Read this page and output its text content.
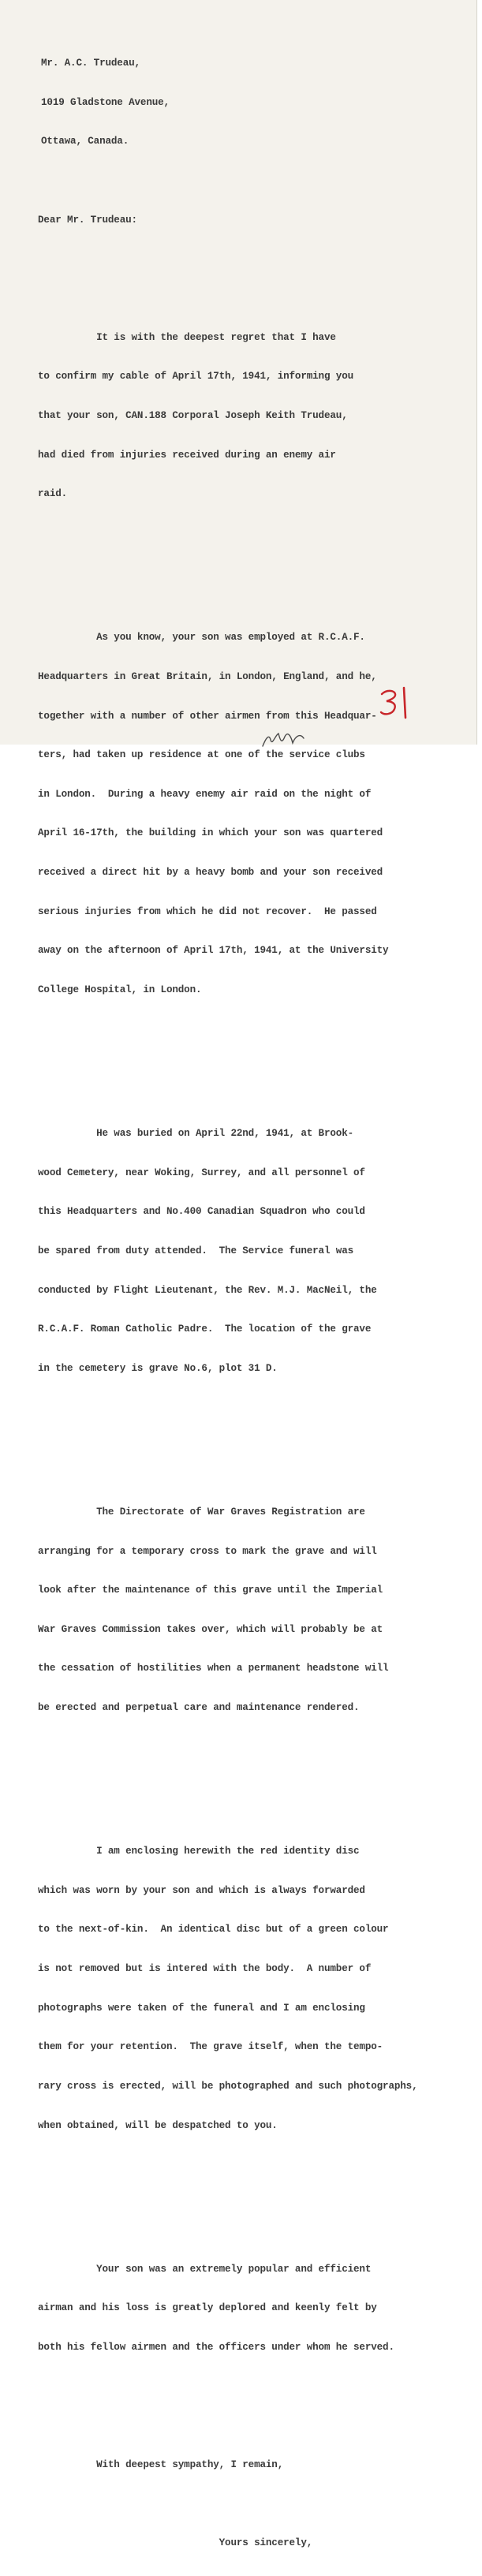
Mr. A.C. Trudeau,

1019 Gladstone Avenue,

Ottawa, Canada.

Dear Mr. Trudeau:

It is with the deepest regret that I have

to confirm my cable of April 17th, 1941, informing you

that your son, CAN.188 Corporal Joseph Keith Trudeau,

had died from injuries received during an enemy air

raid.

As you know, your son was employed at R.C.A.F.

Headquarters in Great Britain, in London, England, and he,

together with a number of other airmen from this Headquar-

ters, had taken up residence at one of the service clubs

in London.  During a heavy enemy air raid on the night of

April 16-17th, the building in which your son was quartered

received a direct hit by a heavy bomb and your son received

serious injuries from which he did not recover.  He passed

away on the afternoon of April 17th, 1941, at the University

College Hospital, in London.

He was buried on April 22nd, 1941, at Brook-

wood Cemetery, near Woking, Surrey, and all personnel of

this Headquarters and No.400 Canadian Squadron who could

be spared from duty attended.  The Service funeral was

conducted by Flight Lieutenant, the Rev. M.J. MacNeil, the

R.C.A.F. Roman Catholic Padre.  The location of the grave

in the cemetery is grave No.6, plot 31 D.

The Directorate of War Graves Registration are

arranging for a temporary cross to mark the grave and will

look after the maintenance of this grave until the Imperial

War Graves Commission takes over, which will probably be at

the cessation of hostilities when a permanent headstone will

be erected and perpetual care and maintenance rendered.

I am enclosing herewith the red identity disc

which was worn by your son and which is always forwarded

to the next-of-kin.  An identical disc but of a green colour

is not removed but is intered with the body.  A number of

photographs were taken of the funeral and I am enclosing

them for your retention.  The grave itself, when the tempo-

rary cross is erected, will be photographed and such photographs,

when obtained, will be despatched to you.

Your son was an extremely popular and efficient

airman and his loss is greatly deplored and keenly felt by

both his fellow airmen and the officers under whom he served.

With deepest sympathy, I remain,

Yours sincerely,
